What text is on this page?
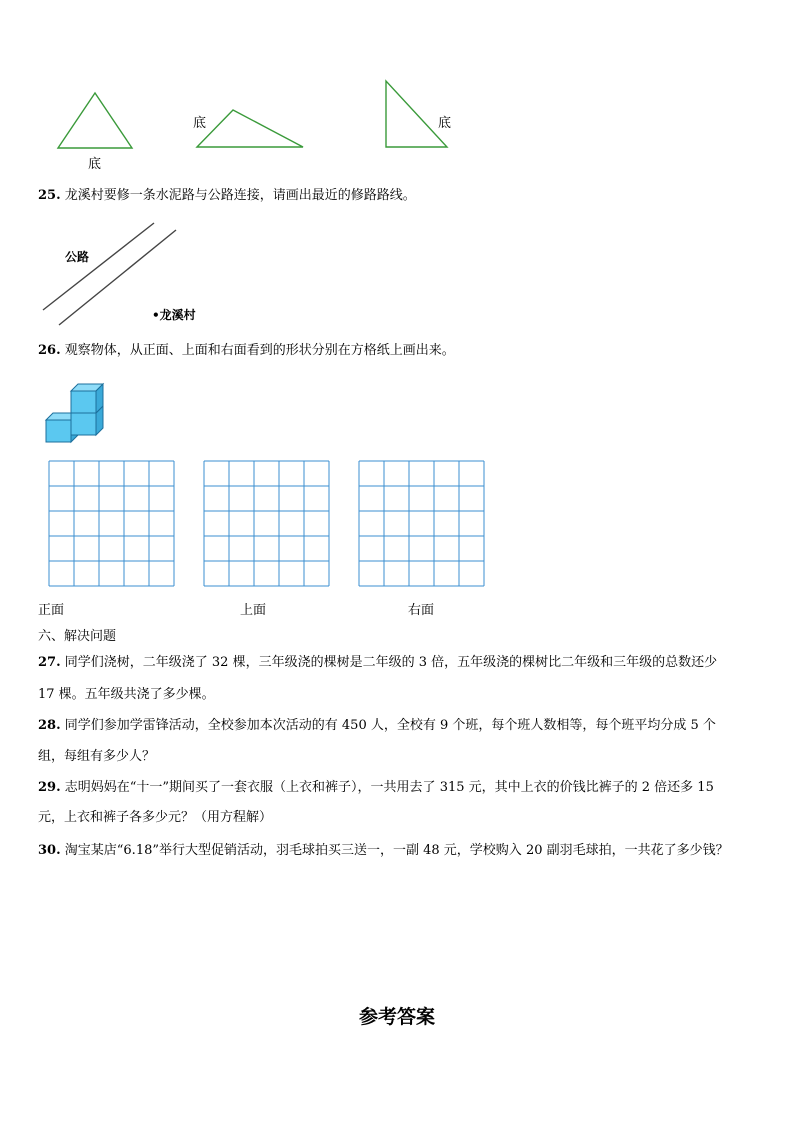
底
底	底
25. 龙溪村要修一条水泥路与公路连接，请画出最近的修路路线。
公路
•龙溪村
26. 观察物体，从正面、上面和右面看到的形状分别在方格纸上画出来。
正面	上面	右面
六、解决问题
27. 同学们浇树，二年级浇了 32 棵，三年级浇的棵树是二年级的 3 倍，五年级浇的棵树比二年级和三年级的总数还少
17 棵。五年级共浇了多少棵。
28. 同学们参加学雷锋活动，全校参加本次活动的有 450 人，全校有 9 个班，每个班人数相等，每个班平均分成 5 个
组，每组有多少人？
29. 志明妈妈在“十一”期间买了一套衣服（上衣和裤子），一共用去了 315 元，其中上衣的价钱比裤子的 2 倍还多 15
元，上衣和裤子各多少元？（用方程解）
30. 淘宝某店“6.18”举行大型促销活动，羽毛球拍买三送一，一副 48 元，学校购入 20 副羽毛球拍，一共花了多少钱？
参考答案
